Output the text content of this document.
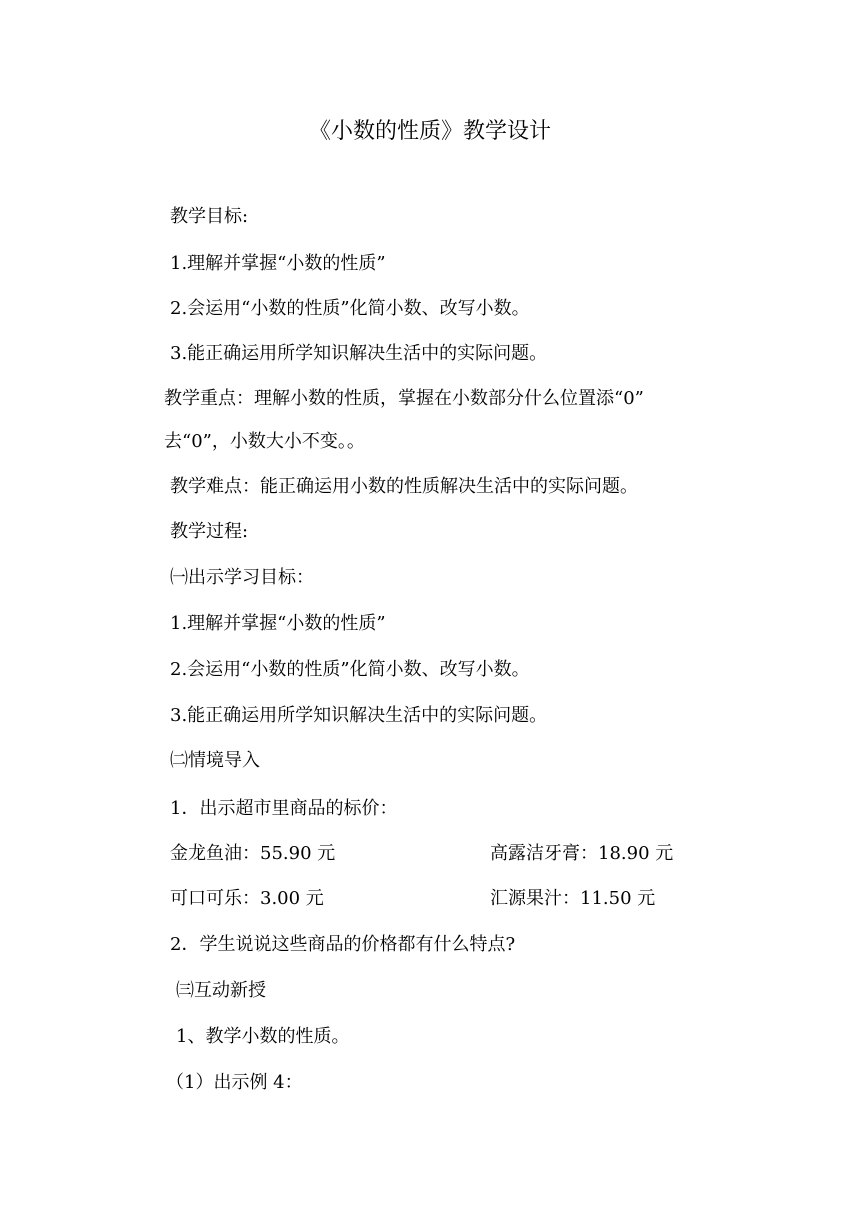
《小数的性质》教学设计
教学目标:
1.理解并掌握“小数的性质”
2.会运用“小数的性质”化简小数、改写小数。
3.能正确运用所学知识解决生活中的实际问题。
教学重点：理解小数的性质，掌握在小数部分什么位置添“0”
去“0”，小数大小不变。。
教学难点：能正确运用小数的性质解决生活中的实际问题。
教学过程:
㈠出示学习目标：
1.理解并掌握“小数的性质”
2.会运用“小数的性质”化简小数、改写小数。
3.能正确运用所学知识解决生活中的实际问题。
㈡情境导入
1．出示超市里商品的标价：
金龙鱼油：55.90 元	高露洁牙膏：18.90 元
可口可乐：3.00 元	汇源果汁：11.50 元
2．学生说说这些商品的价格都有什么特点?
㈢互动新授
1、教学小数的性质。
（1）出示例 4：
